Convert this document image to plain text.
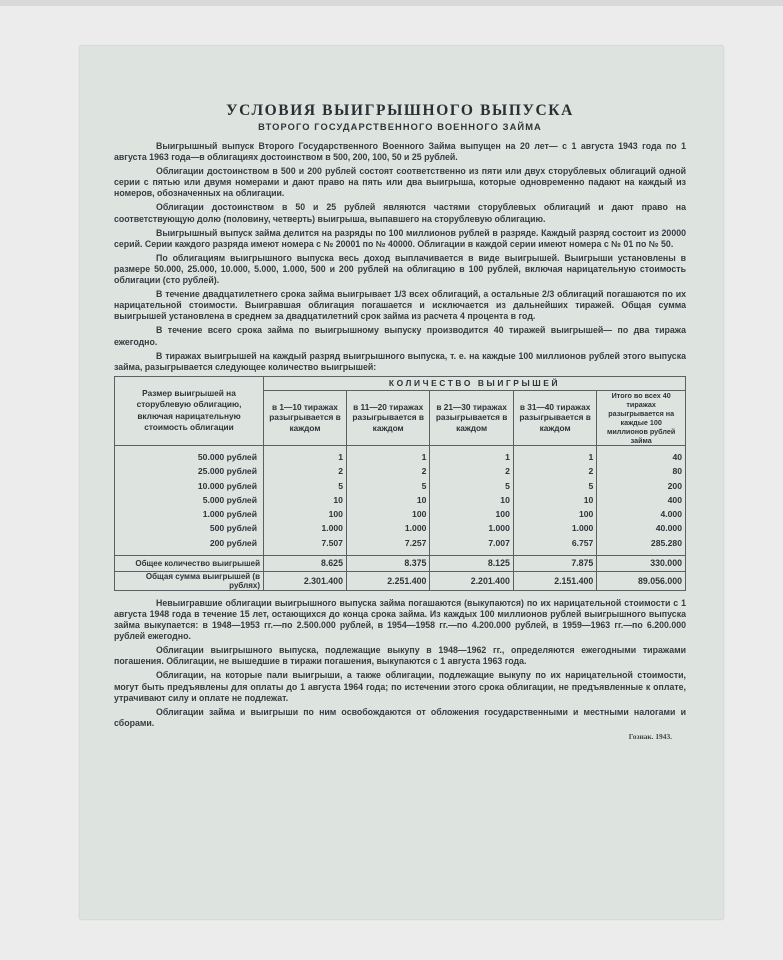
УСЛОВИЯ ВЫИГРЫШНОГО ВЫПУСКА
ВТОРОГО ГОСУДАРСТВЕННОГО ВОЕННОГО ЗАЙМА

Выигрышный выпуск Второго Государственного Военного Займа выпущен на 20 лет— с 1 августа 1943 года по 1 августа 1963 года—в облигациях достоинством в 500, 200, 100, 50 и 25 рублей.

Облигации достоинством в 500 и 200 рублей состоят соответственно из пяти или двух сторублевых облигаций одной серии с пятью или двумя номерами и дают право на пять или два выигрыша, которые одновременно падают на каждый из номеров, обозначенных на облигации.

Облигации достоинством в 50 и 25 рублей являются частями сторублевых облигаций и дают право на соответствующую долю (половину, четверть) выигрыша, выпавшего на сторублевую облигацию.

Выигрышный выпуск займа делится на разряды по 100 миллионов рублей в разряде. Каждый разряд состоит из 20000 серий. Серии каждого разряда имеют номера с № 20001 по № 40000. Облигации в каждой серии имеют номера с № 01 по № 50.

По облигациям выигрышного выпуска весь доход выплачивается в виде выигрышей. Выигрыши установлены в размере 50.000, 25.000, 10.000, 5.000, 1.000, 500 и 200 рублей на облигацию в 100 рублей, включая нарицательную стоимость облигации (сто рублей).

В течение двадцатилетнего срока займа выигрывает 1/3 всех облигаций, а остальные 2/3 облигаций погашаются по их нарицательной стоимости. Выигравшая облигация погашается и исключается из дальнейших тиражей. Общая сумма выигрышей установлена в среднем за двадцатилетний срок займа из расчета 4 процента в год.

В течение всего срока займа по выигрышному выпуску производится 40 тиражей выигрышей— по два тиража ежегодно.

В тиражах выигрышей на каждый разряд выигрышного выпуска, т. е. на каждые 100 миллионов рублей этого выпуска займа, разыгрывается следующее количество выигрышей:

Размер выигрышей на сторублевую облигацию, включая нарицательную стоимость облигации	КОЛИЧЕСТВО ВЫИГРЫШЕЙ				
	в 1—10 тиражах разыгрывается в каждом	в 11—20 тиражах разыгрывается в каждом	в 21—30 тиражах разыгрывается в каждом	в 31—40 тиражах разыгрывается в каждом	Итого во всех 40 тиражах разыгрывается на каждые 100 миллионов рублей займа
50.000 рублей	1	1	1	1	40
25.000 рублей	2	2	2	2	80
10.000 рублей	5	5	5	5	200
5.000 рублей	10	10	10	10	400
1.000 рублей	100	100	100	100	4.000
500 рублей	1.000	1.000	1.000	1.000	40.000
200 рублей	7.507	7.257	7.007	6.757	285.280
Общее количество выигрышей	8.625	8.375	8.125	7.875	330.000
Общая сумма выигрышей (в рублях)	2.301.400	2.251.400	2.201.400	2.151.400	89.056.000

Невыигравшие облигации выигрышного выпуска займа погашаются (выкупаются) по их нарицательной стоимости с 1 августа 1948 года в течение 15 лет, остающихся до конца срока займа. Из каждых 100 миллионов рублей выигрышного выпуска займа выкупается: в 1948—1953 гг.—по 2.500.000 рублей, в 1954—1958 гг.—по 4.200.000 рублей, в 1959—1963 гг.—по 6.200.000 рублей ежегодно.

Облигации выигрышного выпуска, подлежащие выкупу в 1948—1962 гг., определяются ежегодными тиражами погашения. Облигации, не вышедшие в тиражи погашения, выкупаются с 1 августа 1963 года.

Облигации, на которые пали выигрыши, а также облигации, подлежащие выкупу по их нарицательной стоимости, могут быть предъявлены для оплаты до 1 августа 1964 года; по истечении этого срока облигации, не предъявленные к оплате, утрачивают силу и оплате не подлежат.

Облигации займа и выигрыши по ним освобождаются от обложения государственными и местными налогами и сборами.

Гознак. 1943.
